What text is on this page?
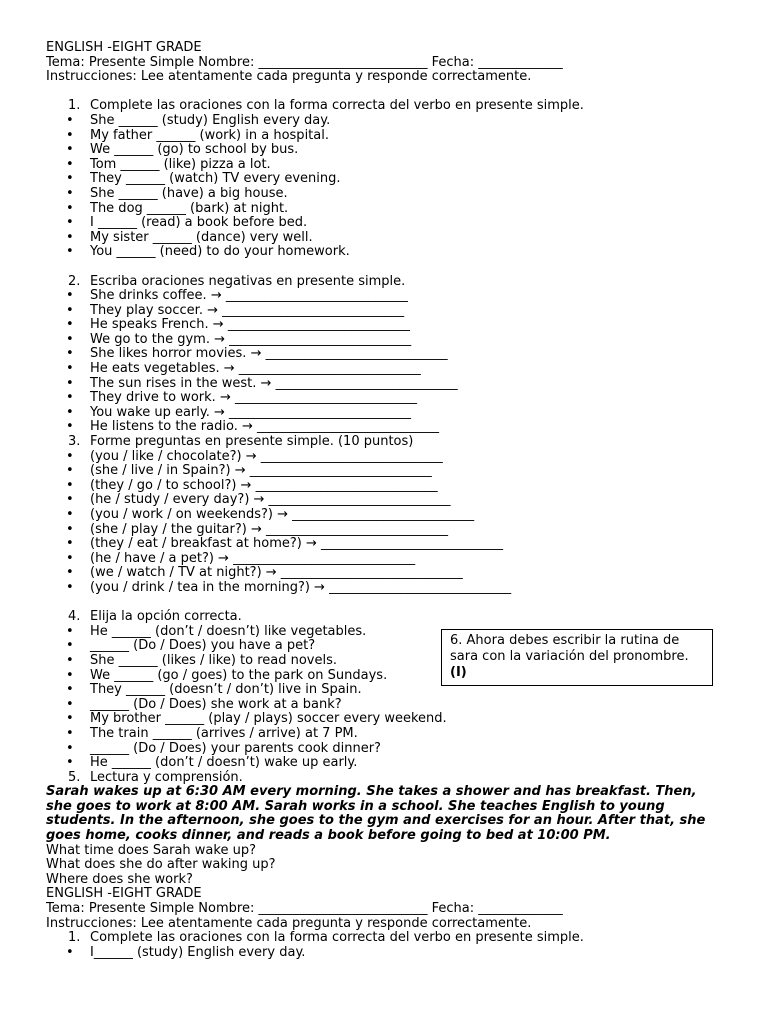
ENGLISH -EIGHT GRADE
Tema: Presente Simple Nombre: __________________________ Fecha: _____________
Instrucciones: Lee atentamente cada pregunta y responde correctamente.
1. Complete las oraciones con la forma correcta del verbo en presente simple.
• She ______ (study) English every day.
• My father ______ (work) in a hospital.
• We ______ (go) to school by bus.
• Tom ______ (like) pizza a lot.
• They ______ (watch) TV every evening.
• She ______ (have) a big house.
• The dog ______ (bark) at night.
• I ______ (read) a book before bed.
• My sister ______ (dance) very well.
• You ______ (need) to do your homework.
2. Escriba oraciones negativas en presente simple.
• She drinks coffee. → ____________________________
• They play soccer. → ____________________________
• He speaks French. → ____________________________
• We go to the gym. → ____________________________
• She likes horror movies. → ____________________________
• He eats vegetables. → ____________________________
• The sun rises in the west. → ____________________________
• They drive to work. → ____________________________
• You wake up early. → ____________________________
• He listens to the radio. → ____________________________
3. Forme preguntas en presente simple. (10 puntos)
• (you / like / chocolate?) → ____________________________
• (she / live / in Spain?) → ____________________________
• (they / go / to school?) → ____________________________
• (he / study / every day?) → ____________________________
• (you / work / on weekends?) → ____________________________
• (she / play / the guitar?) → ____________________________
• (they / eat / breakfast at home?) → ____________________________
• (he / have / a pet?) → ____________________________
• (we / watch / TV at night?) → ____________________________
• (you / drink / tea in the morning?) → ____________________________
4. Elija la opción correcta.
• He ______ (don’t / doesn’t) like vegetables.
• ______ (Do / Does) you have a pet?
• She ______ (likes / like) to read novels.
• We ______ (go / goes) to the park on Sundays.
• They ______ (doesn’t / don’t) live in Spain.
• ______ (Do / Does) she work at a bank?
• My brother ______ (play / plays) soccer every weekend.
• The train ______ (arrives / arrive) at 7 PM.
• ______ (Do / Does) your parents cook dinner?
• He ______ (don’t / doesn’t) wake up early.
5. Lectura y comprensión.
Sarah wakes up at 6:30 AM every morning. She takes a shower and has breakfast. Then, she goes to work at 8:00 AM. Sarah works in a school. She teaches English to young students. In the afternoon, she goes to the gym and exercises for an hour. After that, she goes home, cooks dinner, and reads a book before going to bed at 10:00 PM.
What time does Sarah wake up?
What does she do after waking up?
Where does she work?
ENGLISH -EIGHT GRADE
Tema: Presente Simple Nombre: __________________________ Fecha: _____________
Instrucciones: Lee atentamente cada pregunta y responde correctamente.
1. Complete las oraciones con la forma correcta del verbo en presente simple.
• I______ (study) English every day.
6. Ahora debes escribir la rutina de sara con la variación del pronombre. (I)
